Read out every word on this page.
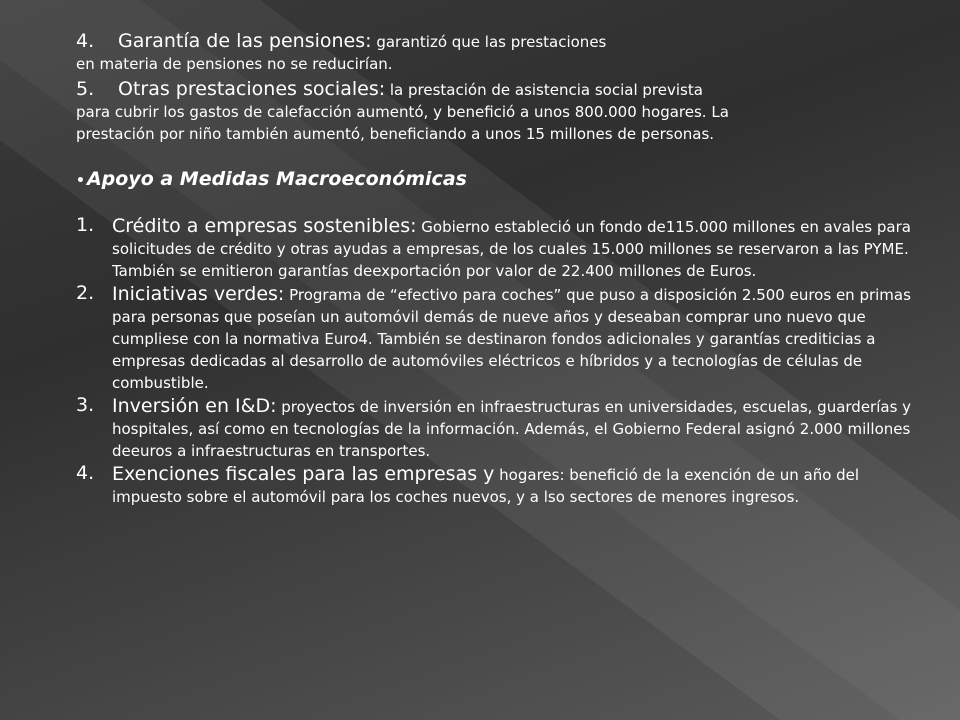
4. Garantía de las pensiones: garantizó que las prestaciones
en materia de pensiones no se reducirían.

5. Otras prestaciones sociales: la prestación de asistencia social prevista
para cubrir los gastos de calefacción aumentó, y benefició a unos 800.000 hogares. La
prestación por niño también aumentó, beneficiando a unos 15 millones de personas.

• Apoyo a Medidas Macroeconómicas
1. Crédito a empresas sostenibles: Gobierno estableció un fondo de115.000 millones en avales para solicitudes de crédito y otras ayudas a empresas, de los cuales 15.000 millones se reservaron a las PYME. También se emitieron garantías deexportación por valor de 22.400 millones de Euros.
2. Iniciativas verdes: Programa de “efectivo para coches” que puso a disposición 2.500 euros en primas para personas que poseían un automóvil demás de nueve años y deseaban comprar uno nuevo que cumpliese con la normativa Euro4. También se destinaron fondos adicionales y garantías crediticias a empresas dedicadas al desarrollo de automóviles eléctricos e híbridos y a tecnologías de células de combustible.
3. Inversión en I&D: proyectos de inversión en infraestructuras en universidades, escuelas, guarderías y hospitales, así como en tecnologías de la información. Además, el Gobierno Federal asignó 2.000 millones deeuros a infraestructuras en transportes.
4. Exenciones fiscales para las empresas y hogares: benefició de la exención de un año del impuesto sobre el automóvil para los coches nuevos, y a lso sectores de menores ingresos.
